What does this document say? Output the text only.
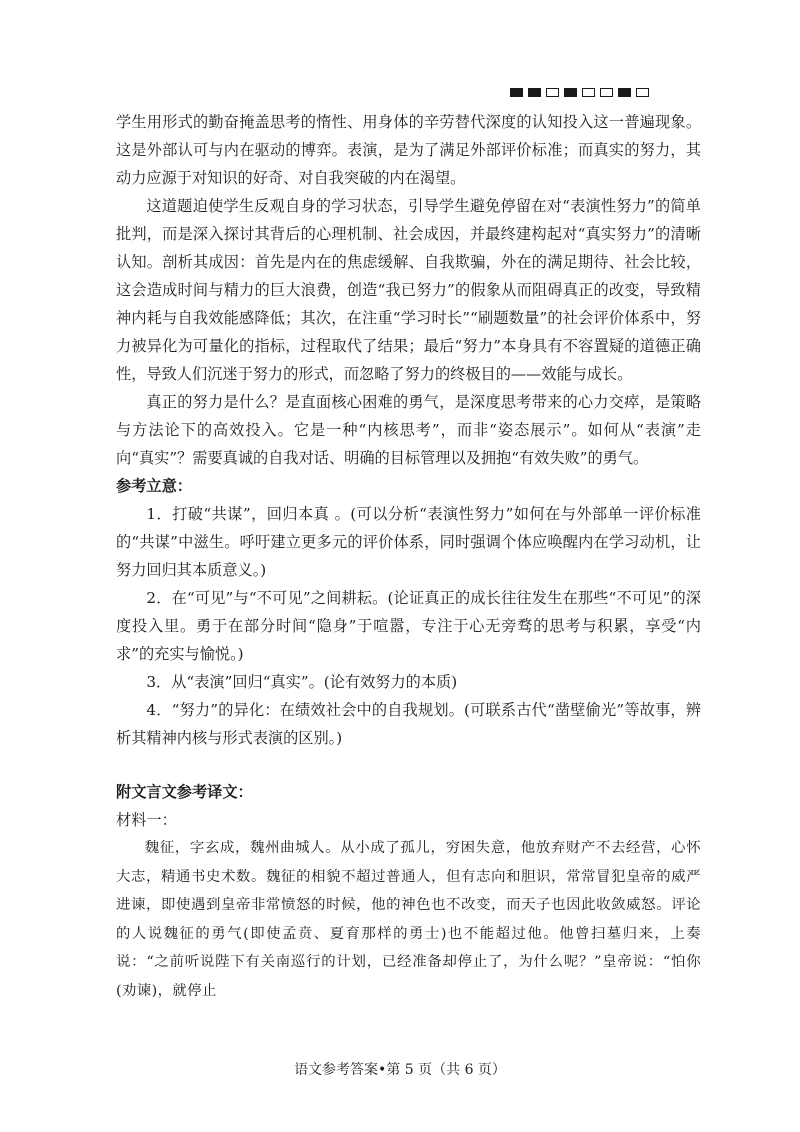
学生用形式的勤奋掩盖思考的惰性、用身体的辛劳替代深度的认知投入这一普遍现象。这是外部认可与内在驱动的博弈。表演，是为了满足外部评价标准；而真实的努力，其动力应源于对知识的好奇、对自我突破的内在渴望。

这道题迫使学生反观自身的学习状态，引导学生避免停留在对“表演性努力”的简单批判，而是深入探讨其背后的心理机制、社会成因，并最终建构起对“真实努力”的清晰认知。剖析其成因：首先是内在的焦虑缓解、自我欺骗，外在的满足期待、社会比较，这会造成时间与精力的巨大浪费，创造“我已努力”的假象从而阻碍真正的改变，导致精神内耗与自我效能感降低；其次，在注重“学习时长”“刷题数量”的社会评价体系中，努力被异化为可量化的指标，过程取代了结果；最后“努力”本身具有不容置疑的道德正确性，导致人们沉迷于努力的形式，而忽略了努力的终极目的——效能与成长。

真正的努力是什么？是直面核心困难的勇气，是深度思考带来的心力交瘁，是策略与方法论下的高效投入。它是一种“内核思考”，而非“姿态展示”。如何从“表演”走向“真实”？需要真诚的自我对话、明确的目标管理以及拥抱“有效失败”的勇气。

参考立意：

1．打破“共谋”，回归本真 。(可以分析“表演性努力”如何在与外部单一评价标准的“共谋”中滋生。呼吁建立更多元的评价体系，同时强调个体应唤醒内在学习动机，让努力回归其本质意义。)

2．在“可见”与“不可见”之间耕耘。(论证真正的成长往往发生在那些“不可见”的深度投入里。勇于在部分时间“隐身”于喧嚣，专注于心无旁骛的思考与积累，享受“内求”的充实与愉悦。)

3．从“表演”回归“真实”。(论有效努力的本质)

4．“努力”的异化：在绩效社会中的自我规划。(可联系古代“凿壁偷光”等故事，辨析其精神内核与形式表演的区别。)

附文言文参考译文：

材料一：

魏征，字玄成，魏州曲城人。从小成了孤儿，穷困失意，他放弃财产不去经营，心怀大志，精通书史术数。魏征的相貌不超过普通人，但有志向和胆识，常常冒犯皇帝的威严进谏，即使遇到皇帝非常愤怒的时候，他的神色也不改变，而天子也因此收敛威怒。评论的人说魏征的勇气(即使孟贲、夏育那样的勇士)也不能超过他。他曾扫墓归来，上奏说：“之前听说陛下有关南巡行的计划，已经准备却停止了，为什么呢？”皇帝说：“怕你(劝谏)，就停止

语文参考答案•第 5 页（共 6 页）
